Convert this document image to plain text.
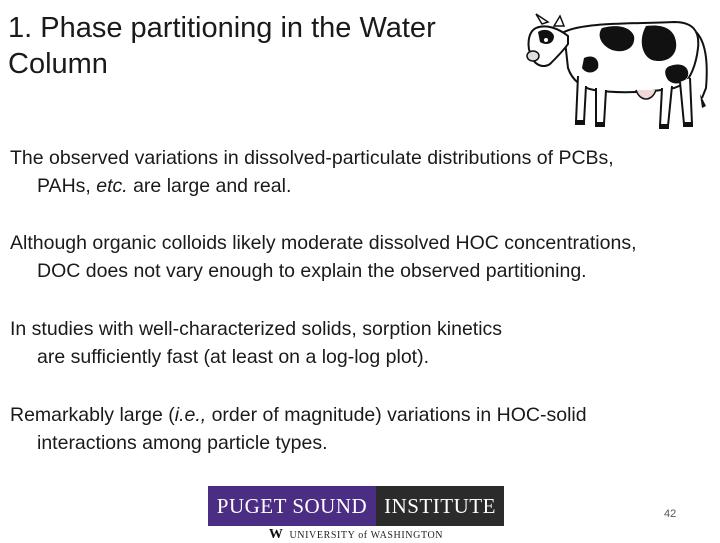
1. Phase partitioning in the Water
Column
The observed variations in dissolved-particulate distributions of PCBs,
PAHs, etc. are large and real.
Although organic colloids likely moderate dissolved HOC concentrations,
DOC does not vary enough to explain the observed partitioning.
In studies with well-characterized solids, sorption kinetics
are sufficiently fast (at least on a log-log plot).
Remarkably large (i.e., order of magnitude) variations in HOC-solid
interactions among particle types.
PUGET SOUND INSTITUTE
W UNIVERSITY of WASHINGTON
42
